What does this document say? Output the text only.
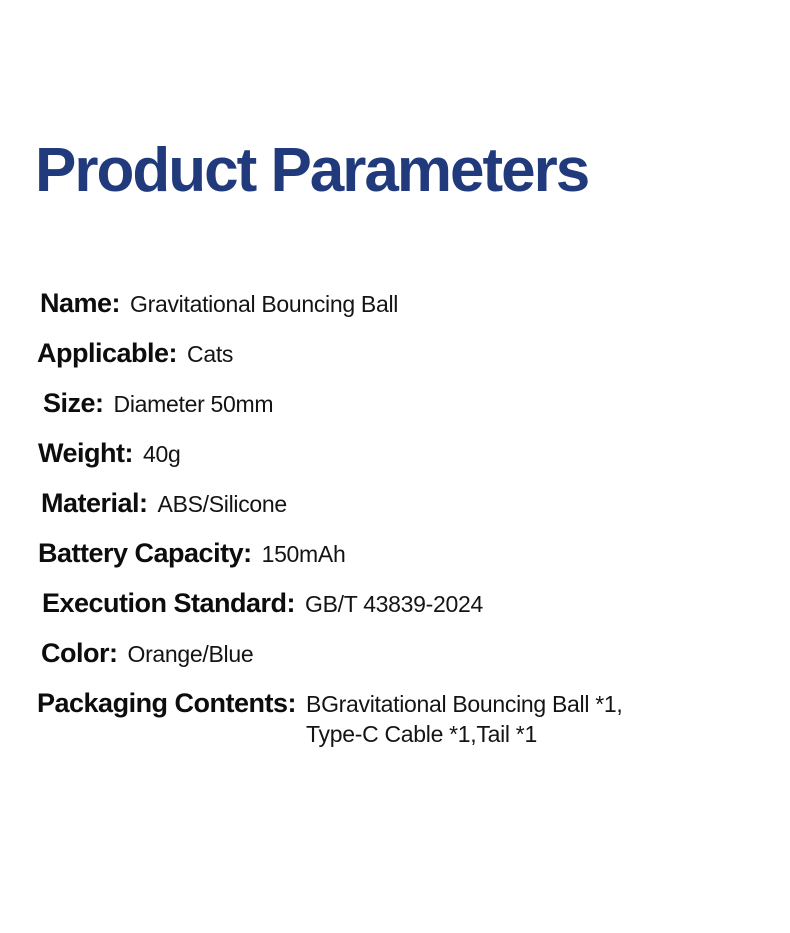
Product Parameters
Name: Gravitational Bouncing Ball
Applicable: Cats
Size: Diameter 50mm
Weight: 40g
Material: ABS/Silicone
Battery Capacity: 150mAh
Execution Standard: GB/T 43839-2024
Color: Orange/Blue
Packaging Contents: BGravitational Bouncing Ball *1,
Type-C Cable *1,Tail *1
